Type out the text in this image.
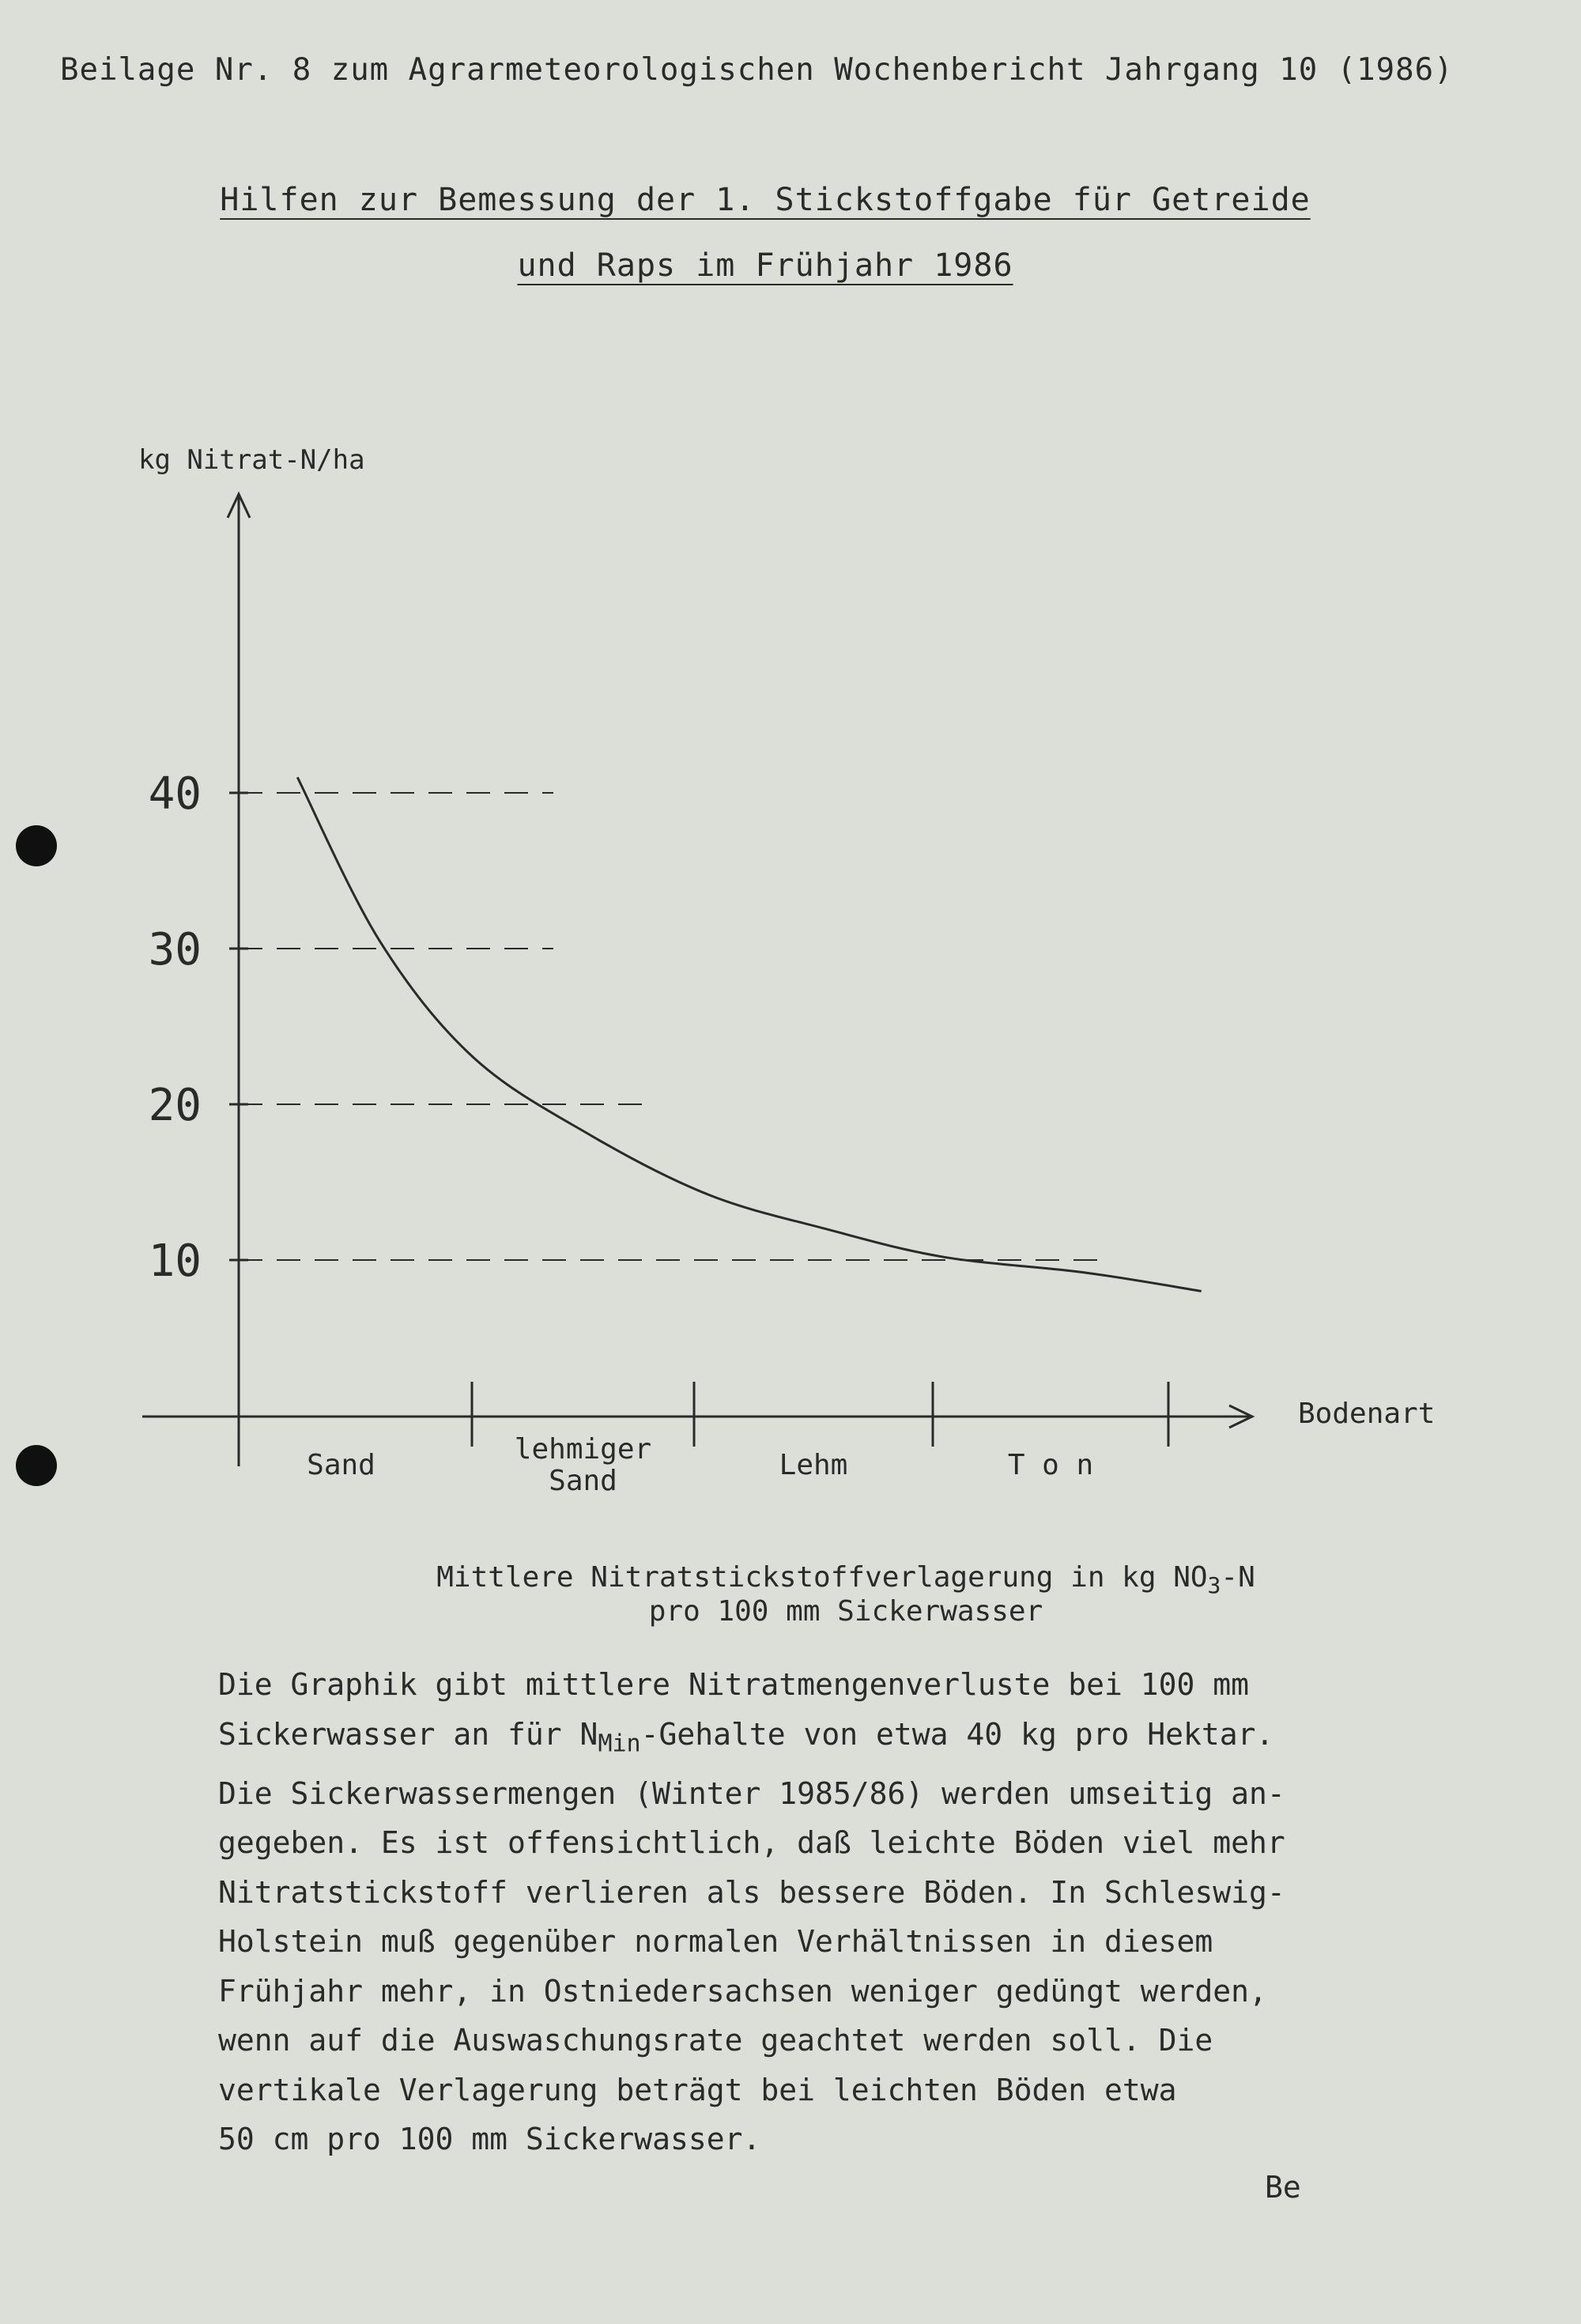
Beilage Nr. 8 zum Agrarmeteorologischen Wochenbericht Jahrgang 10 (1986)
Hilfen zur Bemessung der 1. Stickstoffgabe für Getreide
und Raps im Frühjahr 1986
kg Nitrat-N/ha
40
30
20
10
Sand	lehmiger
Sand	Lehm	T o n
Bodenart
Mittlere Nitratstickstoffverlagerung in kg $NO_3-N$
pro 100 mm Sickerwasser
Die Graphik gibt mittlere Nitratmengenverluste bei 100 mm
Sickerwasser an für $N_{Min}$-Gehalte von etwa 40 kg pro Hektar.
Die Sickerwassermengen (Winter 1985/86) werden umseitig an-
gegeben. Es ist offensichtlich, daß leichte Böden viel mehr
Nitratstickstoff verlieren als bessere Böden. In Schleswig-
Holstein muß gegenüber normalen Verhältnissen in diesem
Frühjahr mehr, in Ostniedersachsen weniger gedüngt werden,
wenn auf die Auswaschungsrate geachtet werden soll. Die
vertikale Verlagerung beträgt bei leichten Böden etwa
50 cm pro 100 mm Sickerwasser.
Be
